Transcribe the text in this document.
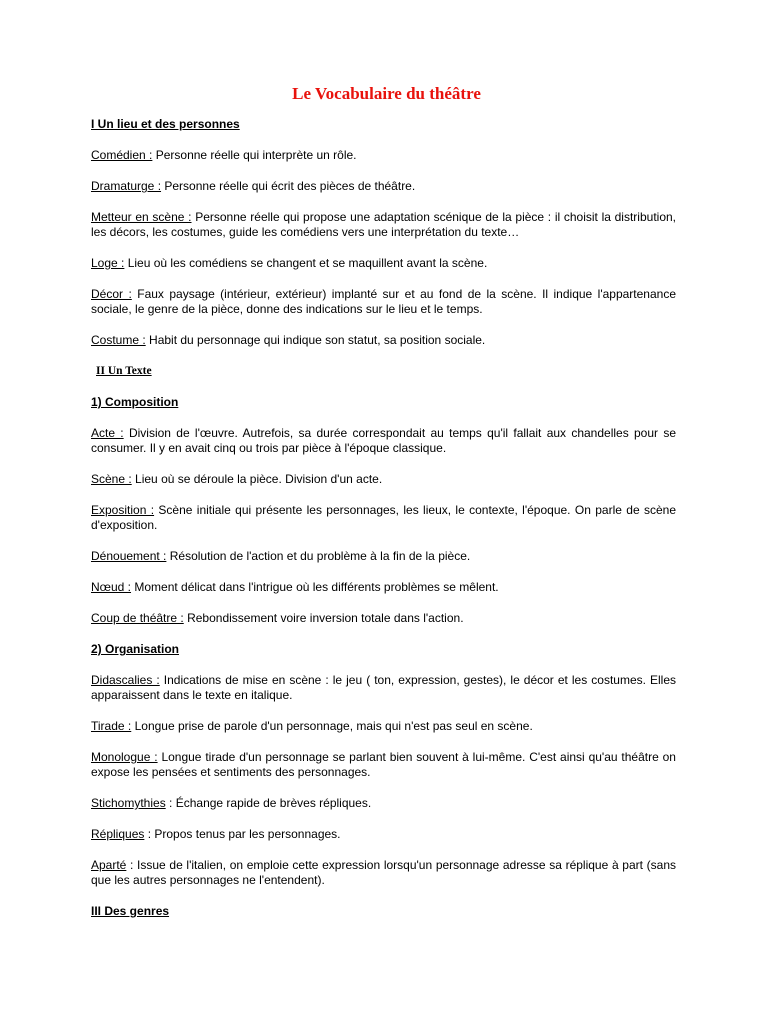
Le Vocabulaire du théâtre
I Un lieu et des personnes

Comédien : Personne réelle qui interprète un rôle.

Dramaturge : Personne réelle qui écrit des pièces de théâtre.

Metteur en scène : Personne réelle qui propose une adaptation scénique de la pièce : il choisit la distribution, les décors, les costumes, guide les comédiens vers une interprétation du texte…

Loge : Lieu où les comédiens se changent et se maquillent avant la scène.

Décor : Faux paysage (intérieur, extérieur) implanté sur et au fond de la scène. Il indique l'appartenance sociale, le genre de la pièce, donne des indications sur le lieu et le temps.

Costume : Habit du personnage qui indique son statut, sa position sociale.

II Un Texte
1) Composition

Acte : Division de l'œuvre. Autrefois, sa durée correspondait au temps qu'il fallait aux chandelles pour se consumer. Il y en avait cinq ou trois par pièce à l'époque classique.

Scène : Lieu où se déroule la pièce. Division d'un acte.

Exposition : Scène initiale qui présente les personnages, les lieux, le contexte, l'époque. On parle de scène d'exposition.

Dénouement : Résolution de l'action et du problème à la fin de la pièce.

Nœud : Moment délicat dans l'intrigue où les différents problèmes se mêlent.

Coup de théâtre : Rebondissement voire inversion totale dans l'action.

2) Organisation

Didascalies : Indications de mise en scène : le jeu ( ton, expression, gestes), le décor et les costumes. Elles apparaissent dans le texte en italique.

Tirade : Longue prise de parole d'un personnage, mais qui n'est pas seul en scène.

Monologue : Longue tirade d'un personnage se parlant bien souvent à lui-même. C'est ainsi qu'au théâtre on expose les pensées et sentiments des personnages.

Stichomythies : Échange rapide de brèves répliques.

Répliques : Propos tenus par les personnages.

Aparté : Issue de l'italien, on emploie cette expression lorsqu'un personnage adresse sa réplique à part (sans que les autres personnages ne l'entendent).

III Des genres
